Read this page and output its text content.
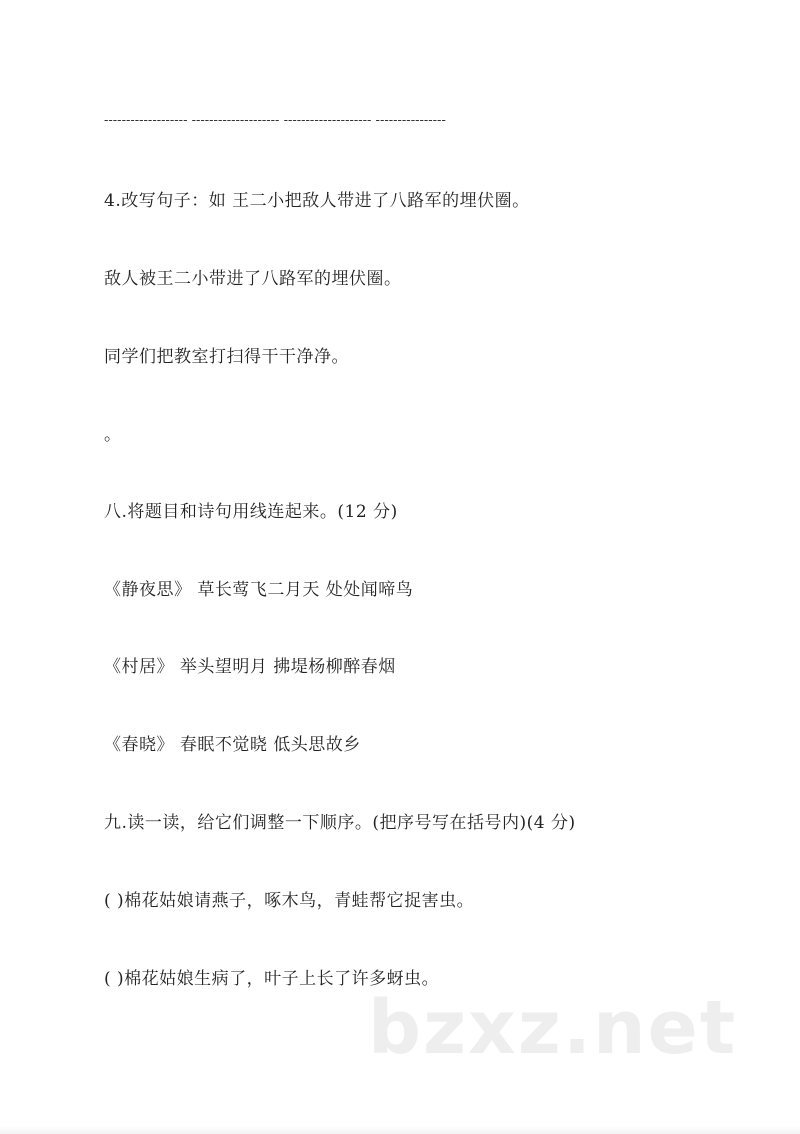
------------------- -------------------- -------------------- ----------------
4.改写句子：如 王二小把敌人带进了八路军的埋伏圈。
敌人被王二小带进了八路军的埋伏圈。
同学们把教室打扫得干干净净。
。
八.将题目和诗句用线连起来。(12 分)
《静夜思》 草长莺飞二月天 处处闻啼鸟
《村居》 举头望明月 拂堤杨柳醉春烟
《春晓》 春眠不觉晓 低头思故乡
九.读一读，给它们调整一下顺序。(把序号写在括号内)(4 分)
( )棉花姑娘请燕子，啄木鸟，青蛙帮它捉害虫。
( )棉花姑娘生病了，叶子上长了许多蚜虫。
bzxz.net
